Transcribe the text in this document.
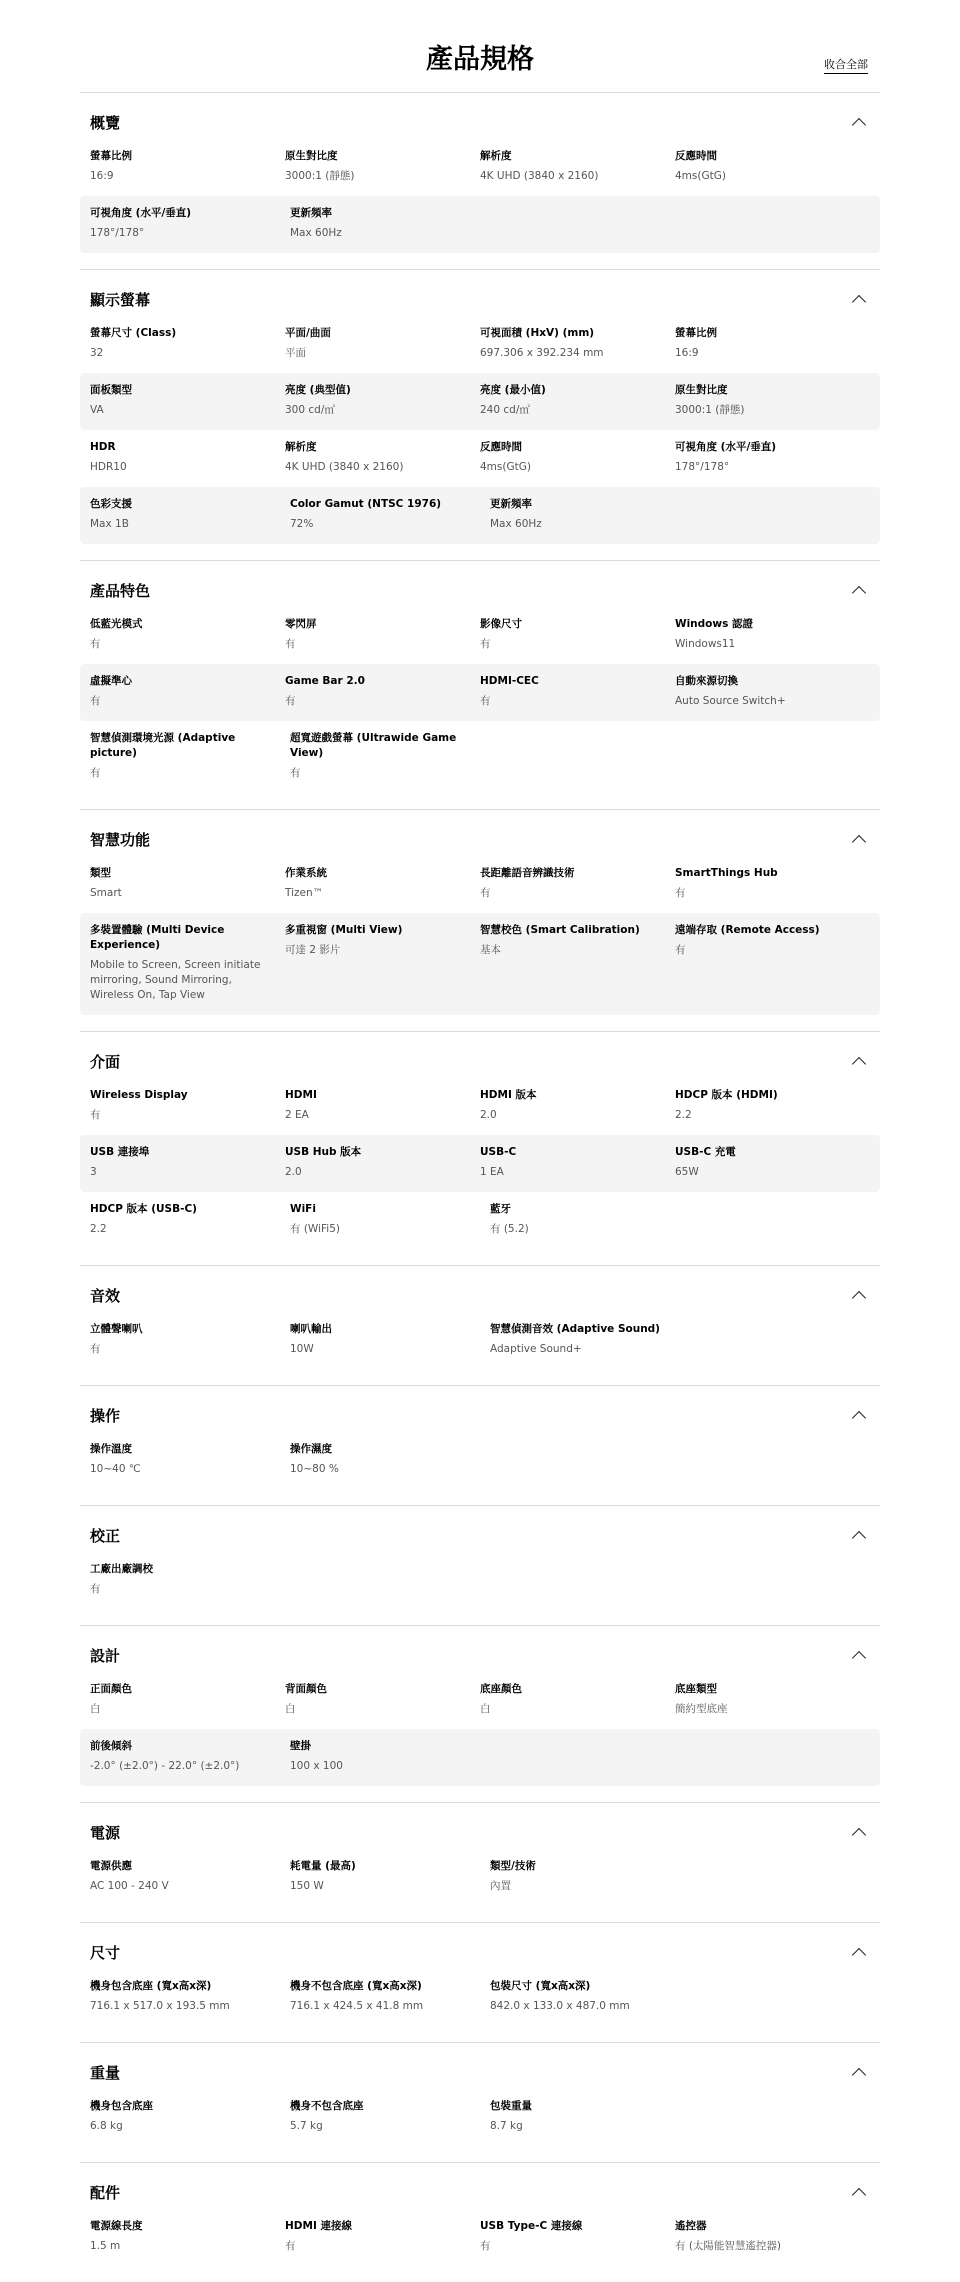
產品規格	收合全部
概覽
螢幕比例
16:9
原生對比度
3000:1 (靜態)
解析度
4K UHD (3840 x 2160)
反應時間
4ms(GtG)
可視角度 (水平/垂直)
178°/178°
更新頻率
Max 60Hz
顯示螢幕
螢幕尺寸 (Class)
32
平面/曲面
平面
可視面積 (HxV) (mm)
697.306 x 392.234 mm
螢幕比例
16:9
面板類型
VA
亮度 (典型值)
300 cd/㎡
亮度 (最小值)
240 cd/㎡
原生對比度
3000:1 (靜態)
HDR
HDR10
解析度
4K UHD (3840 x 2160)
反應時間
4ms(GtG)
可視角度 (水平/垂直)
178°/178°
色彩支援
Max 1B
Color Gamut (NTSC 1976)
72%
更新頻率
Max 60Hz
產品特色
低藍光模式
有
零閃屏
有
影像尺寸
有
Windows 認證
Windows11
虛擬準心
有
Game Bar 2.0
有
HDMI-CEC
有
自動來源切換
Auto Source Switch+
智慧偵測環境光源 (Adaptive picture)
有
超寬遊戲螢幕 (Ultrawide Game View)
有
智慧功能
類型
Smart
作業系統
Tizen™
長距離語音辨識技術
有
SmartThings Hub
有
多裝置體驗 (Multi Device Experience)
Mobile to Screen, Screen initiate mirroring, Sound Mirroring, Wireless On, Tap View
多重視窗 (Multi View)
可達 2 影片
智慧校色 (Smart Calibration)
基本
遠端存取 (Remote Access)
有
介面
Wireless Display
有
HDMI
2 EA
HDMI 版本
2.0
HDCP 版本 (HDMI)
2.2
USB 連接埠
3
USB Hub 版本
2.0
USB-C
1 EA
USB-C 充電
65W
HDCP 版本 (USB-C)
2.2
WiFi
有 (WiFi5)
藍牙
有 (5.2)
音效
立體聲喇叭
有
喇叭輸出
10W
智慧偵測音效 (Adaptive Sound)
Adaptive Sound+
操作
操作溫度
10~40 ℃
操作濕度
10~80 %
校正
工廠出廠調校
有
設計
正面顏色
白
背面顏色
白
底座顏色
白
底座類型
簡約型底座
前後傾斜
-2.0° (±2.0°) - 22.0° (±2.0°)
壁掛
100 x 100
電源
電源供應
AC 100 - 240 V
耗電量 (最高)
150 W
類型/技術
內置
尺寸
機身包含底座 (寬x高x深)
716.1 x 517.0 x 193.5 mm
機身不包含底座 (寬x高x深)
716.1 x 424.5 x 41.8 mm
包裝尺寸 (寬x高x深)
842.0 x 133.0 x 487.0 mm
重量
機身包含底座
6.8 kg
機身不包含底座
5.7 kg
包裝重量
8.7 kg
配件
電源線長度
1.5 m
HDMI 連接線
有
USB Type-C 連接線
有
遙控器
有 (太陽能智慧遙控器)
